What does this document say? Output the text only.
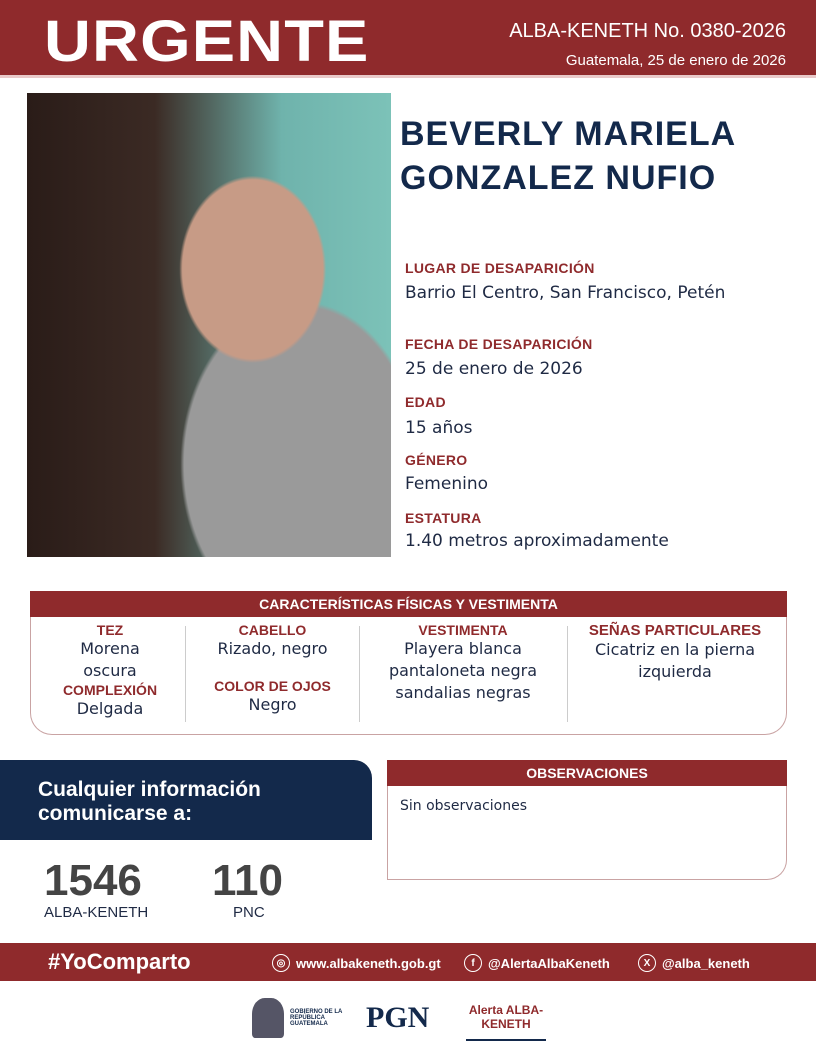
URGENTE	ALBA-KENETH No. 0380-2026
Guatemala, 25 de enero de 2026
BEVERLY MARIELA GONZALEZ NUFIO
LUGAR DE DESAPARICIÓN
Barrio El Centro, San Francisco, Petén
FECHA DE DESAPARICIÓN
25 de enero de 2026
EDAD
15 años
GÉNERO
Femenino
ESTATURA
1.40 metros aproximadamente
CARACTERÍSTICAS FÍSICAS Y VESTIMENTA
TEZ
Morena oscura
COMPLEXIÓN
Delgada
CABELLO
Rizado, negro
COLOR DE OJOS
Negro
VESTIMENTA
Playera blanca
pantaloneta negra
sandalias negras
SEÑAS PARTICULARES
Cicatriz en la pierna izquierda
Cualquier información comunicarse a:
1546
ALBA-KENETH
110
PNC
OBSERVACIONES
Sin observaciones
#YoComparto	◎ www.albakeneth.gob.gt	f	@AlertaAlbaKeneth	X @alba_keneth
GOBIERNO DE LA REPÚBLICA GUATEMALA	PGN	Alerta ALBA-KENETH
